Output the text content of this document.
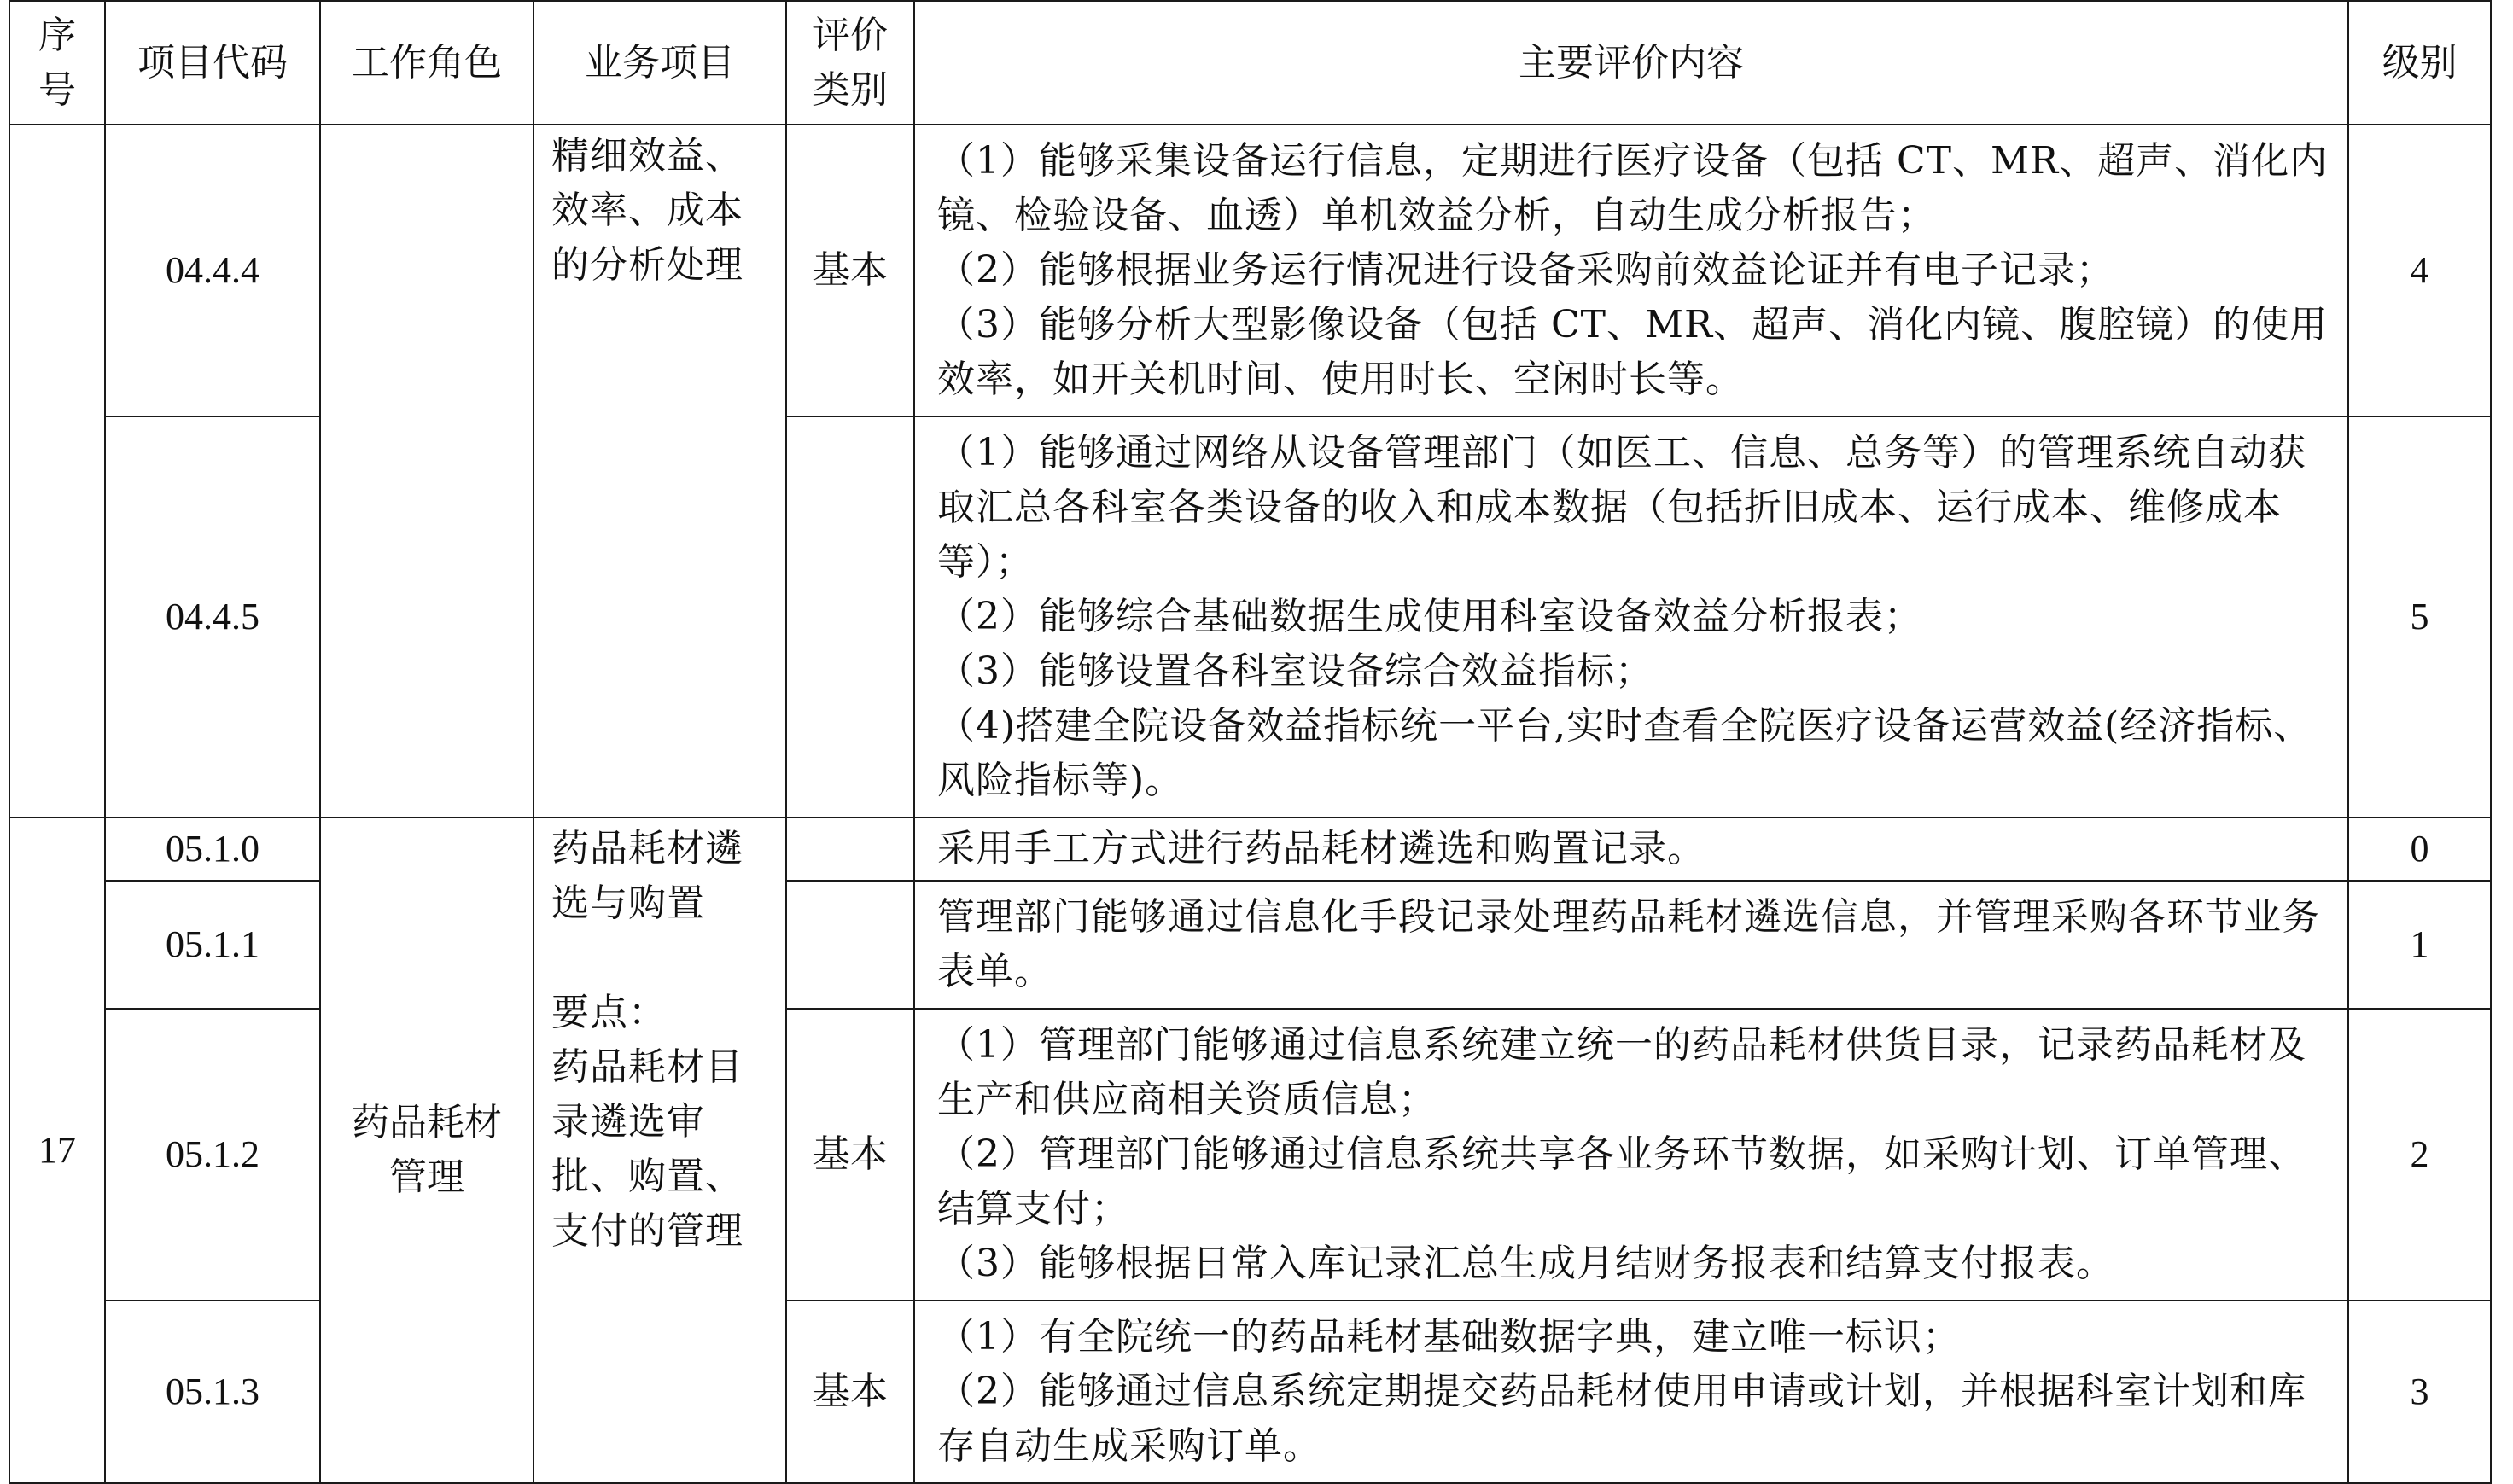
序号	项目代码	工作角色	业务项目	评价类别	主要评价内容	级别
	04.4.4		精细效益、效率、成本的分析处理	基本	（1）能够采集设备运行信息，定期进行医疗设备（包括 CT、MR、超声、消化内镜、检验设备、血透）单机效益分析，自动生成分析报告；
（2）能够根据业务运行情况进行设备采购前效益论证并有电子记录；
（3）能够分析大型影像设备（包括 CT、MR、超声、消化内镜、腹腔镜）的使用效率，如开关机时间、使用时长、空闲时长等。	4
	04.4.5				（1）能够通过网络从设备管理部门（如医工、信息、总务等）的管理系统自动获取汇总各科室各类设备的收入和成本数据（包括折旧成本、运行成本、维修成本等）；
（2）能够综合基础数据生成使用科室设备效益分析报表；
（3）能够设置各科室设备综合效益指标；
（4)搭建全院设备效益指标统一平台,实时查看全院医疗设备运营效益(经济指标、风险指标等)。	5
17	05.1.0	药品耗材管理	药品耗材遴选与购置
要点：
药品耗材目录遴选审批、购置、支付的管理		采用手工方式进行药品耗材遴选和购置记录。	0
	05.1.1				管理部门能够通过信息化手段记录处理药品耗材遴选信息，并管理采购各环节业务表单。	1
	05.1.2			基本	（1）管理部门能够通过信息系统建立统一的药品耗材供货目录，记录药品耗材及生产和供应商相关资质信息；
（2）管理部门能够通过信息系统共享各业务环节数据，如采购计划、订单管理、结算支付；
（3）能够根据日常入库记录汇总生成月结财务报表和结算支付报表。	2
	05.1.3			基本	（1）有全院统一的药品耗材基础数据字典，建立唯一标识；
（2）能够通过信息系统定期提交药品耗材使用申请或计划，并根据科室计划和库存自动生成采购订单。	3
